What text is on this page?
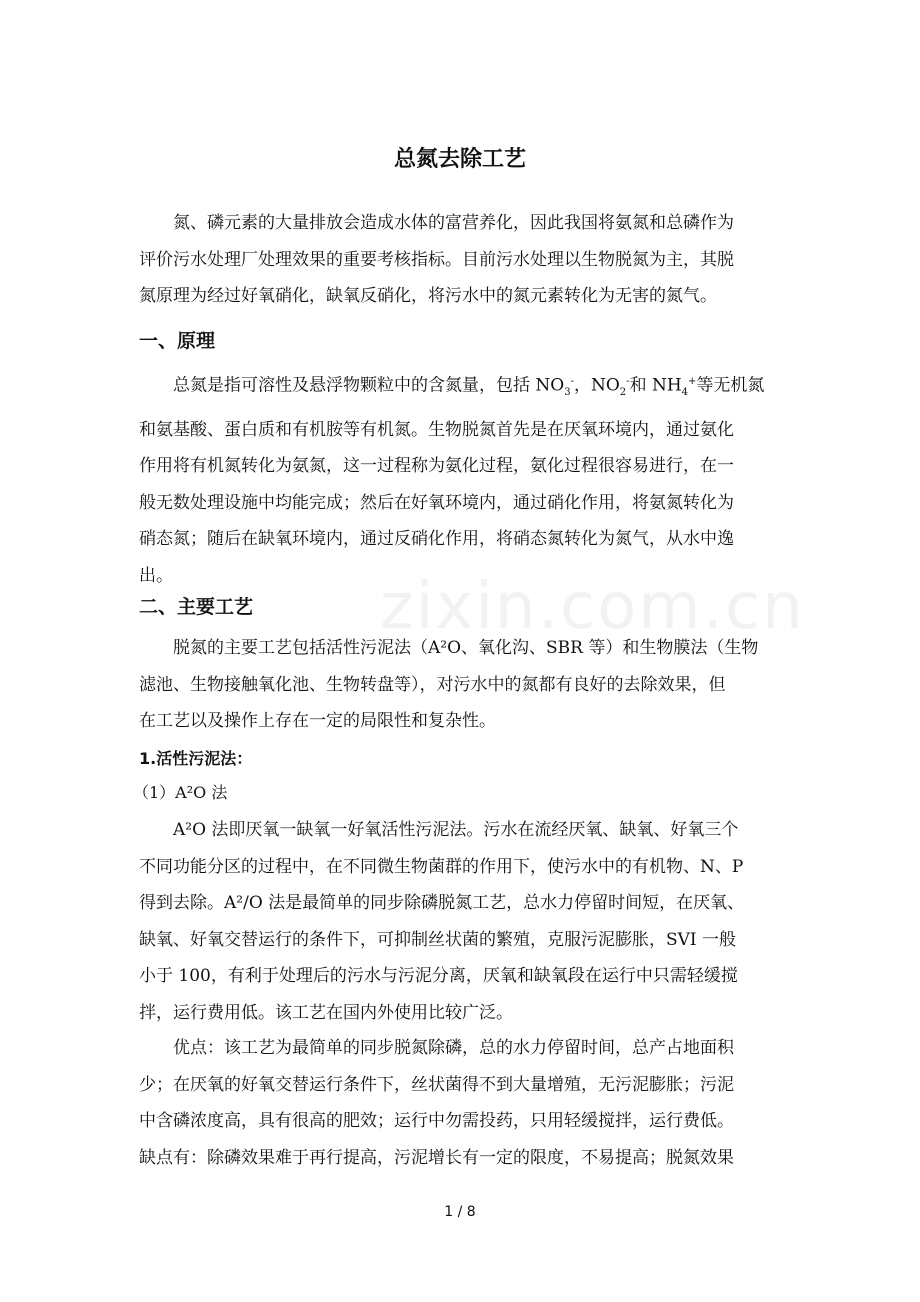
总氮去除工艺

　　氮、磷元素的大量排放会造成水体的富营养化，因此我国将氨氮和总磷作为
评价污水处理厂处理效果的重要考核指标。目前污水处理以生物脱氮为主，其脱
氮原理为经过好氧硝化，缺氧反硝化，将污水中的氮元素转化为无害的氮气。

一、原理

　　总氮是指可溶性及悬浮物颗粒中的含氮量，包括 $NO_3^-$，$NO_2^-$和 $NH_4^+$等无机氮
和氨基酸、蛋白质和有机胺等有机氮。生物脱氮首先是在厌氧环境内，通过氨化
作用将有机氮转化为氨氮，这一过程称为氨化过程，氨化过程很容易进行，在一
般无数处理设施中均能完成；然后在好氧环境内，通过硝化作用，将氨氮转化为
硝态氮；随后在缺氧环境内，通过反硝化作用，将硝态氮转化为氮气，从水中逸
出。

二、主要工艺

　　脱氮的主要工艺包括活性污泥法（A²O、氧化沟、SBR 等）和生物膜法（生物
滤池、生物接触氧化池、生物转盘等），对污水中的氮都有良好的去除效果，但
在工艺以及操作上存在一定的局限性和复杂性。

1.活性污泥法：
（1）A²O 法

　　A²O 法即厌氧一缺氧一好氧活性污泥法。污水在流经厌氧、缺氧、好氧三个
不同功能分区的过程中，在不同微生物菌群的作用下，使污水中的有机物、N、P
得到去除。A²/O 法是最简单的同步除磷脱氮工艺，总水力停留时间短，在厌氧、
缺氧、好氧交替运行的条件下，可抑制丝状菌的繁殖，克服污泥膨胀，SVI 一般
小于 100，有利于处理后的污水与污泥分离，厌氧和缺氧段在运行中只需轻缓搅
拌，运行费用低。该工艺在国内外使用比较广泛。

　　优点：该工艺为最简单的同步脱氮除磷，总的水力停留时间，总产占地面积
少；在厌氧的好氧交替运行条件下，丝状菌得不到大量增殖，无污泥膨胀；污泥
中含磷浓度高，具有很高的肥效；运行中勿需投药，只用轻缓搅拌，运行费低。
缺点有：除磷效果难于再行提高，污泥增长有一定的限度，不易提高；脱氮效果

zixin.com.cn
1 / 8
